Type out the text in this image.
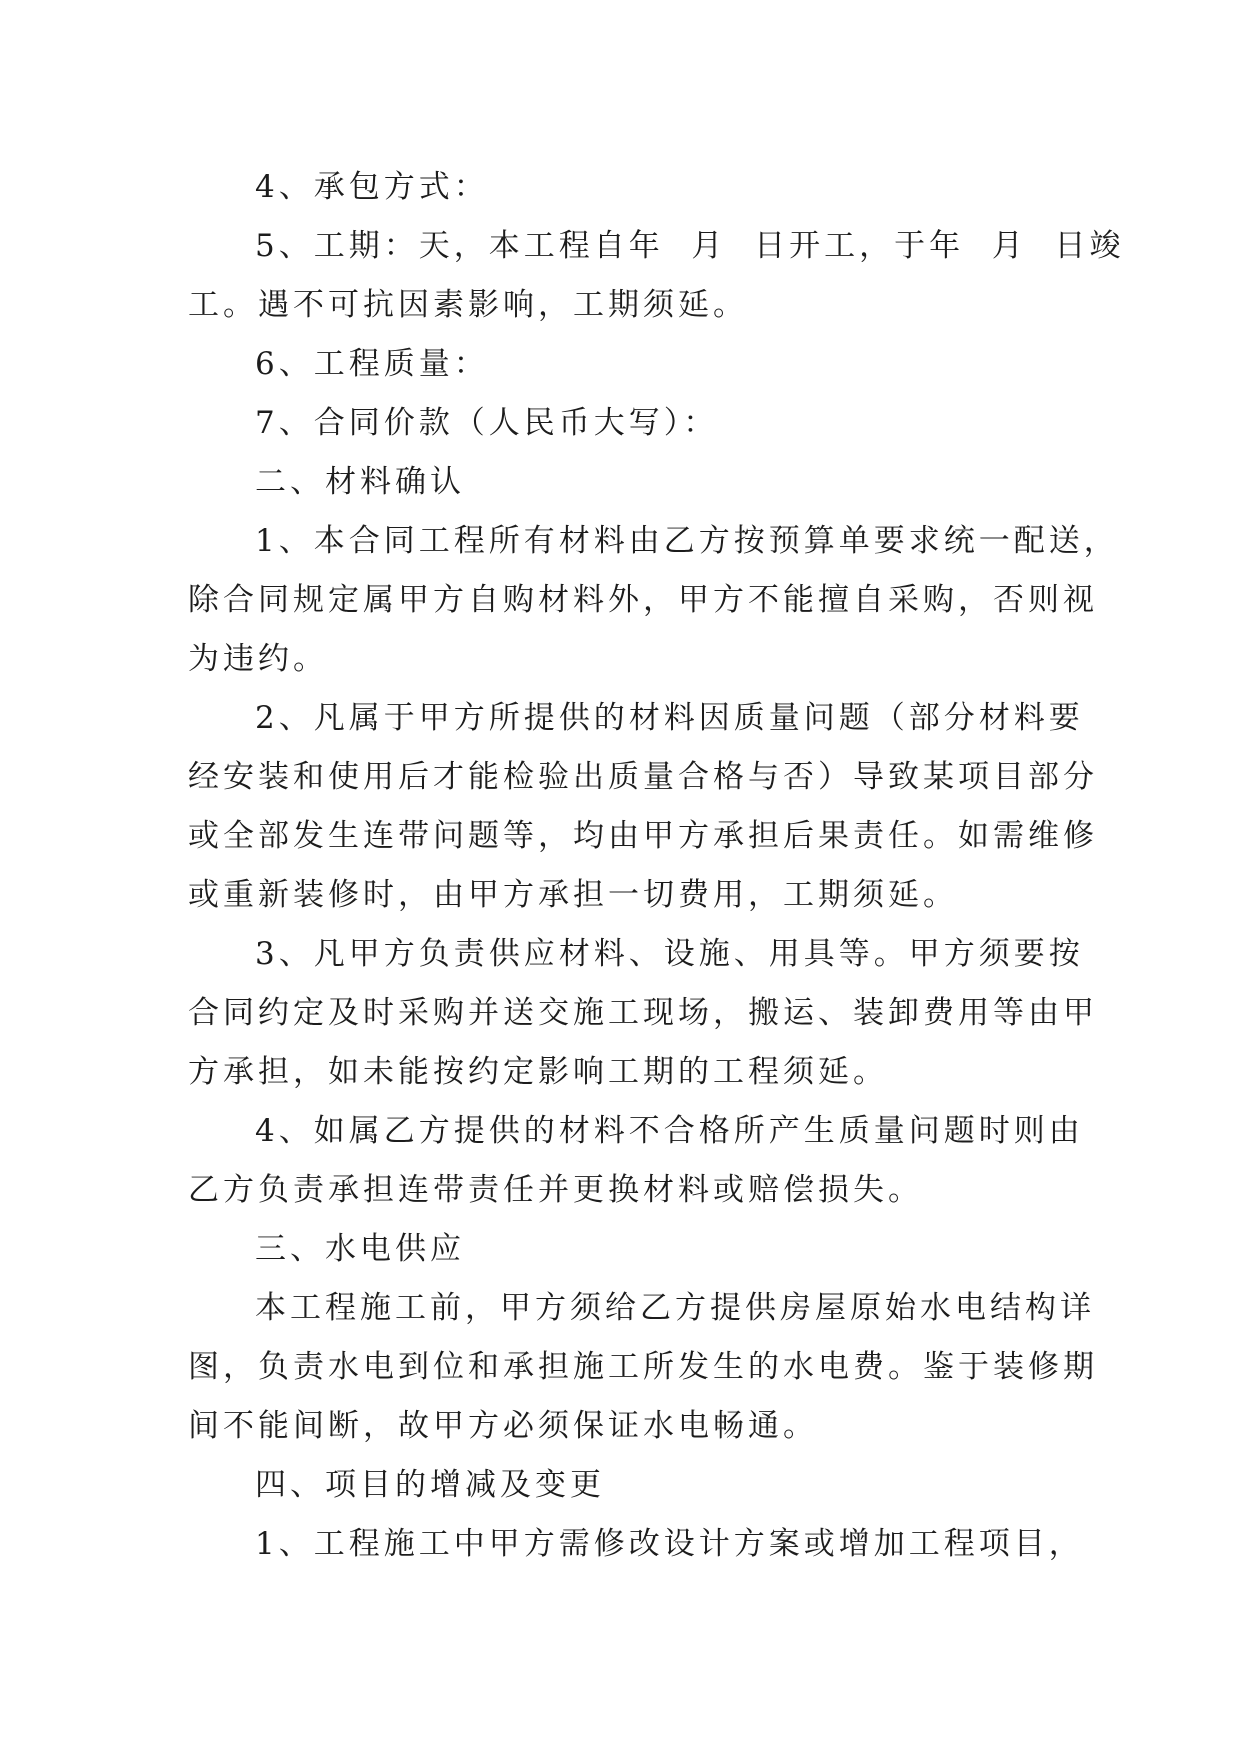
4、承包方式：
5、工期：天，本工程自年  月  日开工，于年  月  日竣
工。遇不可抗因素影响，工期须延。
6、工程质量：
7、合同价款（人民币大写）：
二、材料确认
1、本合同工程所有材料由乙方按预算单要求统一配送，
除合同规定属甲方自购材料外，甲方不能擅自采购，否则视
为违约。
2、凡属于甲方所提供的材料因质量问题（部分材料要
经安装和使用后才能检验出质量合格与否）导致某项目部分
或全部发生连带问题等，均由甲方承担后果责任。如需维修
或重新装修时，由甲方承担一切费用，工期须延。
3、凡甲方负责供应材料、设施、用具等。甲方须要按
合同约定及时采购并送交施工现场，搬运、装卸费用等由甲
方承担，如未能按约定影响工期的工程须延。
4、如属乙方提供的材料不合格所产生质量问题时则由
乙方负责承担连带责任并更换材料或赔偿损失。
三、水电供应
本工程施工前，甲方须给乙方提供房屋原始水电结构详
图，负责水电到位和承担施工所发生的水电费。鉴于装修期
间不能间断，故甲方必须保证水电畅通。
四、项目的增减及变更
1、工程施工中甲方需修改设计方案或增加工程项目，
